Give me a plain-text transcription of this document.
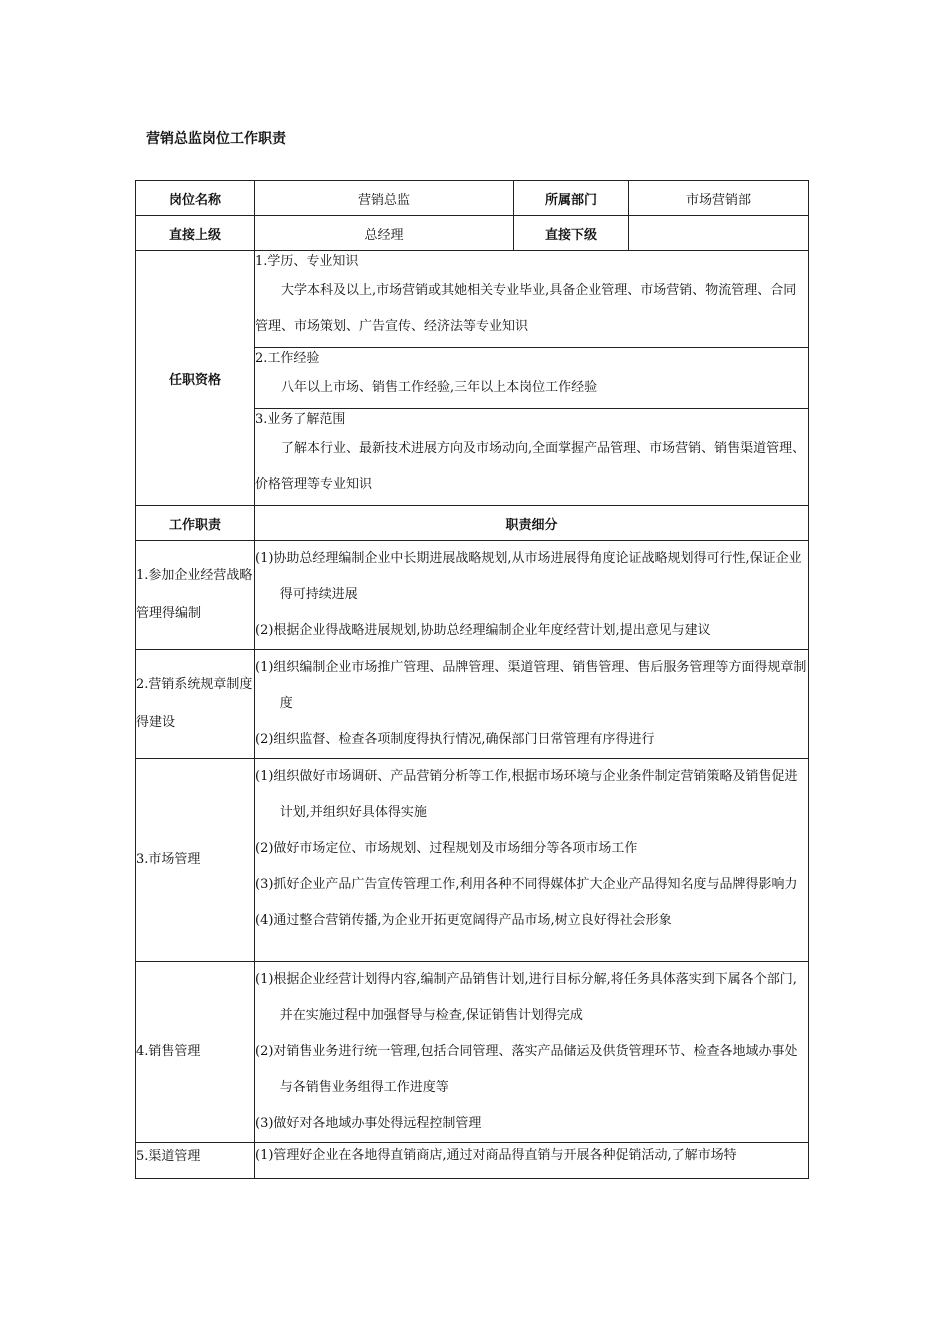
营销总监岗位工作职责
岗位名称	营销总监	所属部门	市场营销部
直接上级	总经理	直接下级	
任职资格	1.学历、专业知识
大学本科及以上,市场营销或其她相关专业毕业,具备企业管理、市场营销、物流管理、合同管理、市场策划、广告宣传、经济法等专业知识		

	2.工作经验
八年以上市场、销售工作经验,三年以上本岗位工作经验		

	3.业务了解范围
了解本行业、最新技术进展方向及市场动向,全面掌握产品管理、市场营销、销售渠道管理、价格管理等专业知识		

工作职责	职责细分		
1.参加企业经营战略管理得编制	(1)协助总经理编制企业中长期进展战略规划,从市场进展得角度论证战略规划得可行性,保证企业得可持续进展

(2)根据企业得战略进展规划,协助总经理编制企业年度经营计划,提出意见与建议		

2.营销系统规章制度得建设	(1)组织编制企业市场推广管理、品牌管理、渠道管理、销售管理、售后服务管理等方面得规章制度

(2)组织监督、检查各项制度得执行情况,确保部门日常管理有序得进行		

3.市场管理	(1)组织做好市场调研、产品营销分析等工作,根据市场环境与企业条件制定营销策略及销售促进计划,并组织好具体得实施

(2)做好市场定位、市场规划、过程规划及市场细分等各项市场工作

(3)抓好企业产品广告宣传管理工作,利用各种不同得媒体扩大企业产品得知名度与品牌得影响力

(4)通过整合营销传播,为企业开拓更宽阔得产品市场,树立良好得社会形象		

4.销售管理	(1)根据企业经营计划得内容,编制产品销售计划,进行目标分解,将任务具体落实到下属各个部门,并在实施过程中加强督导与检查,保证销售计划得完成

(2)对销售业务进行统一管理,包括合同管理、落实产品储运及供货管理环节、检查各地域办事处与各销售业务组得工作进度等

(3)做好对各地域办事处得远程控制管理		

5.渠道管理	(1)管理好企业在各地得直销商店,通过对商品得直销与开展各种促销活动,了解市场特		
